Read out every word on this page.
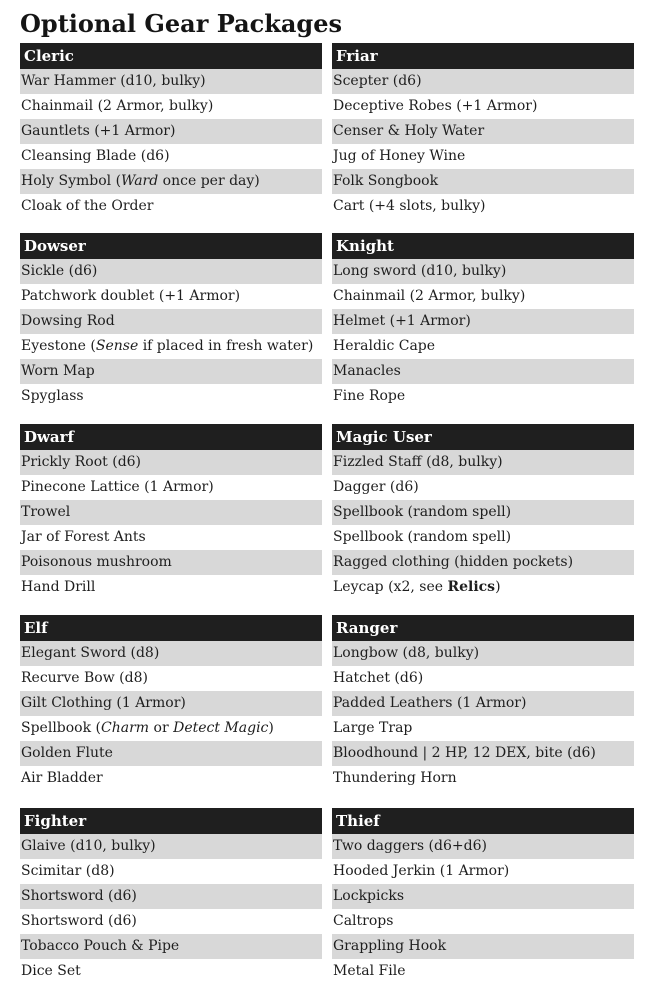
Optional Gear Packages
Cleric
War Hammer (d10, bulky)
Chainmail (2 Armor, bulky)
Gauntlets (+1 Armor)
Cleansing Blade (d6)
Holy Symbol (Ward once per day)
Cloak of the Order
Friar
Scepter (d6)
Deceptive Robes (+1 Armor)
Censer & Holy Water
Jug of Honey Wine
Folk Songbook
Cart (+4 slots, bulky)
Dowser
Sickle (d6)
Patchwork doublet (+1 Armor)
Dowsing Rod
Eyestone (Sense if placed in fresh water)
Worn Map
Spyglass
Knight
Long sword (d10, bulky)
Chainmail (2 Armor, bulky)
Helmet (+1 Armor)
Heraldic Cape
Manacles
Fine Rope
Dwarf
Prickly Root (d6)
Pinecone Lattice (1 Armor)
Trowel
Jar of Forest Ants
Poisonous mushroom
Hand Drill
Magic User
Fizzled Staff (d8, bulky)
Dagger (d6)
Spellbook (random spell)
Spellbook (random spell)
Ragged clothing (hidden pockets)
Leycap (x2, see Relics)
Elf
Elegant Sword (d8)
Recurve Bow (d8)
Gilt Clothing (1 Armor)
Spellbook (Charm or Detect Magic)
Golden Flute
Air Bladder
Ranger
Longbow (d8, bulky)
Hatchet (d6)
Padded Leathers (1 Armor)
Large Trap
Bloodhound | 2 HP, 12 DEX, bite (d6)
Thundering Horn
Fighter
Glaive (d10, bulky)
Scimitar (d8)
Shortsword (d6)
Shortsword (d6)
Tobacco Pouch & Pipe
Dice Set
Thief
Two daggers (d6+d6)
Hooded Jerkin (1 Armor)
Lockpicks
Caltrops
Grappling Hook
Metal File
